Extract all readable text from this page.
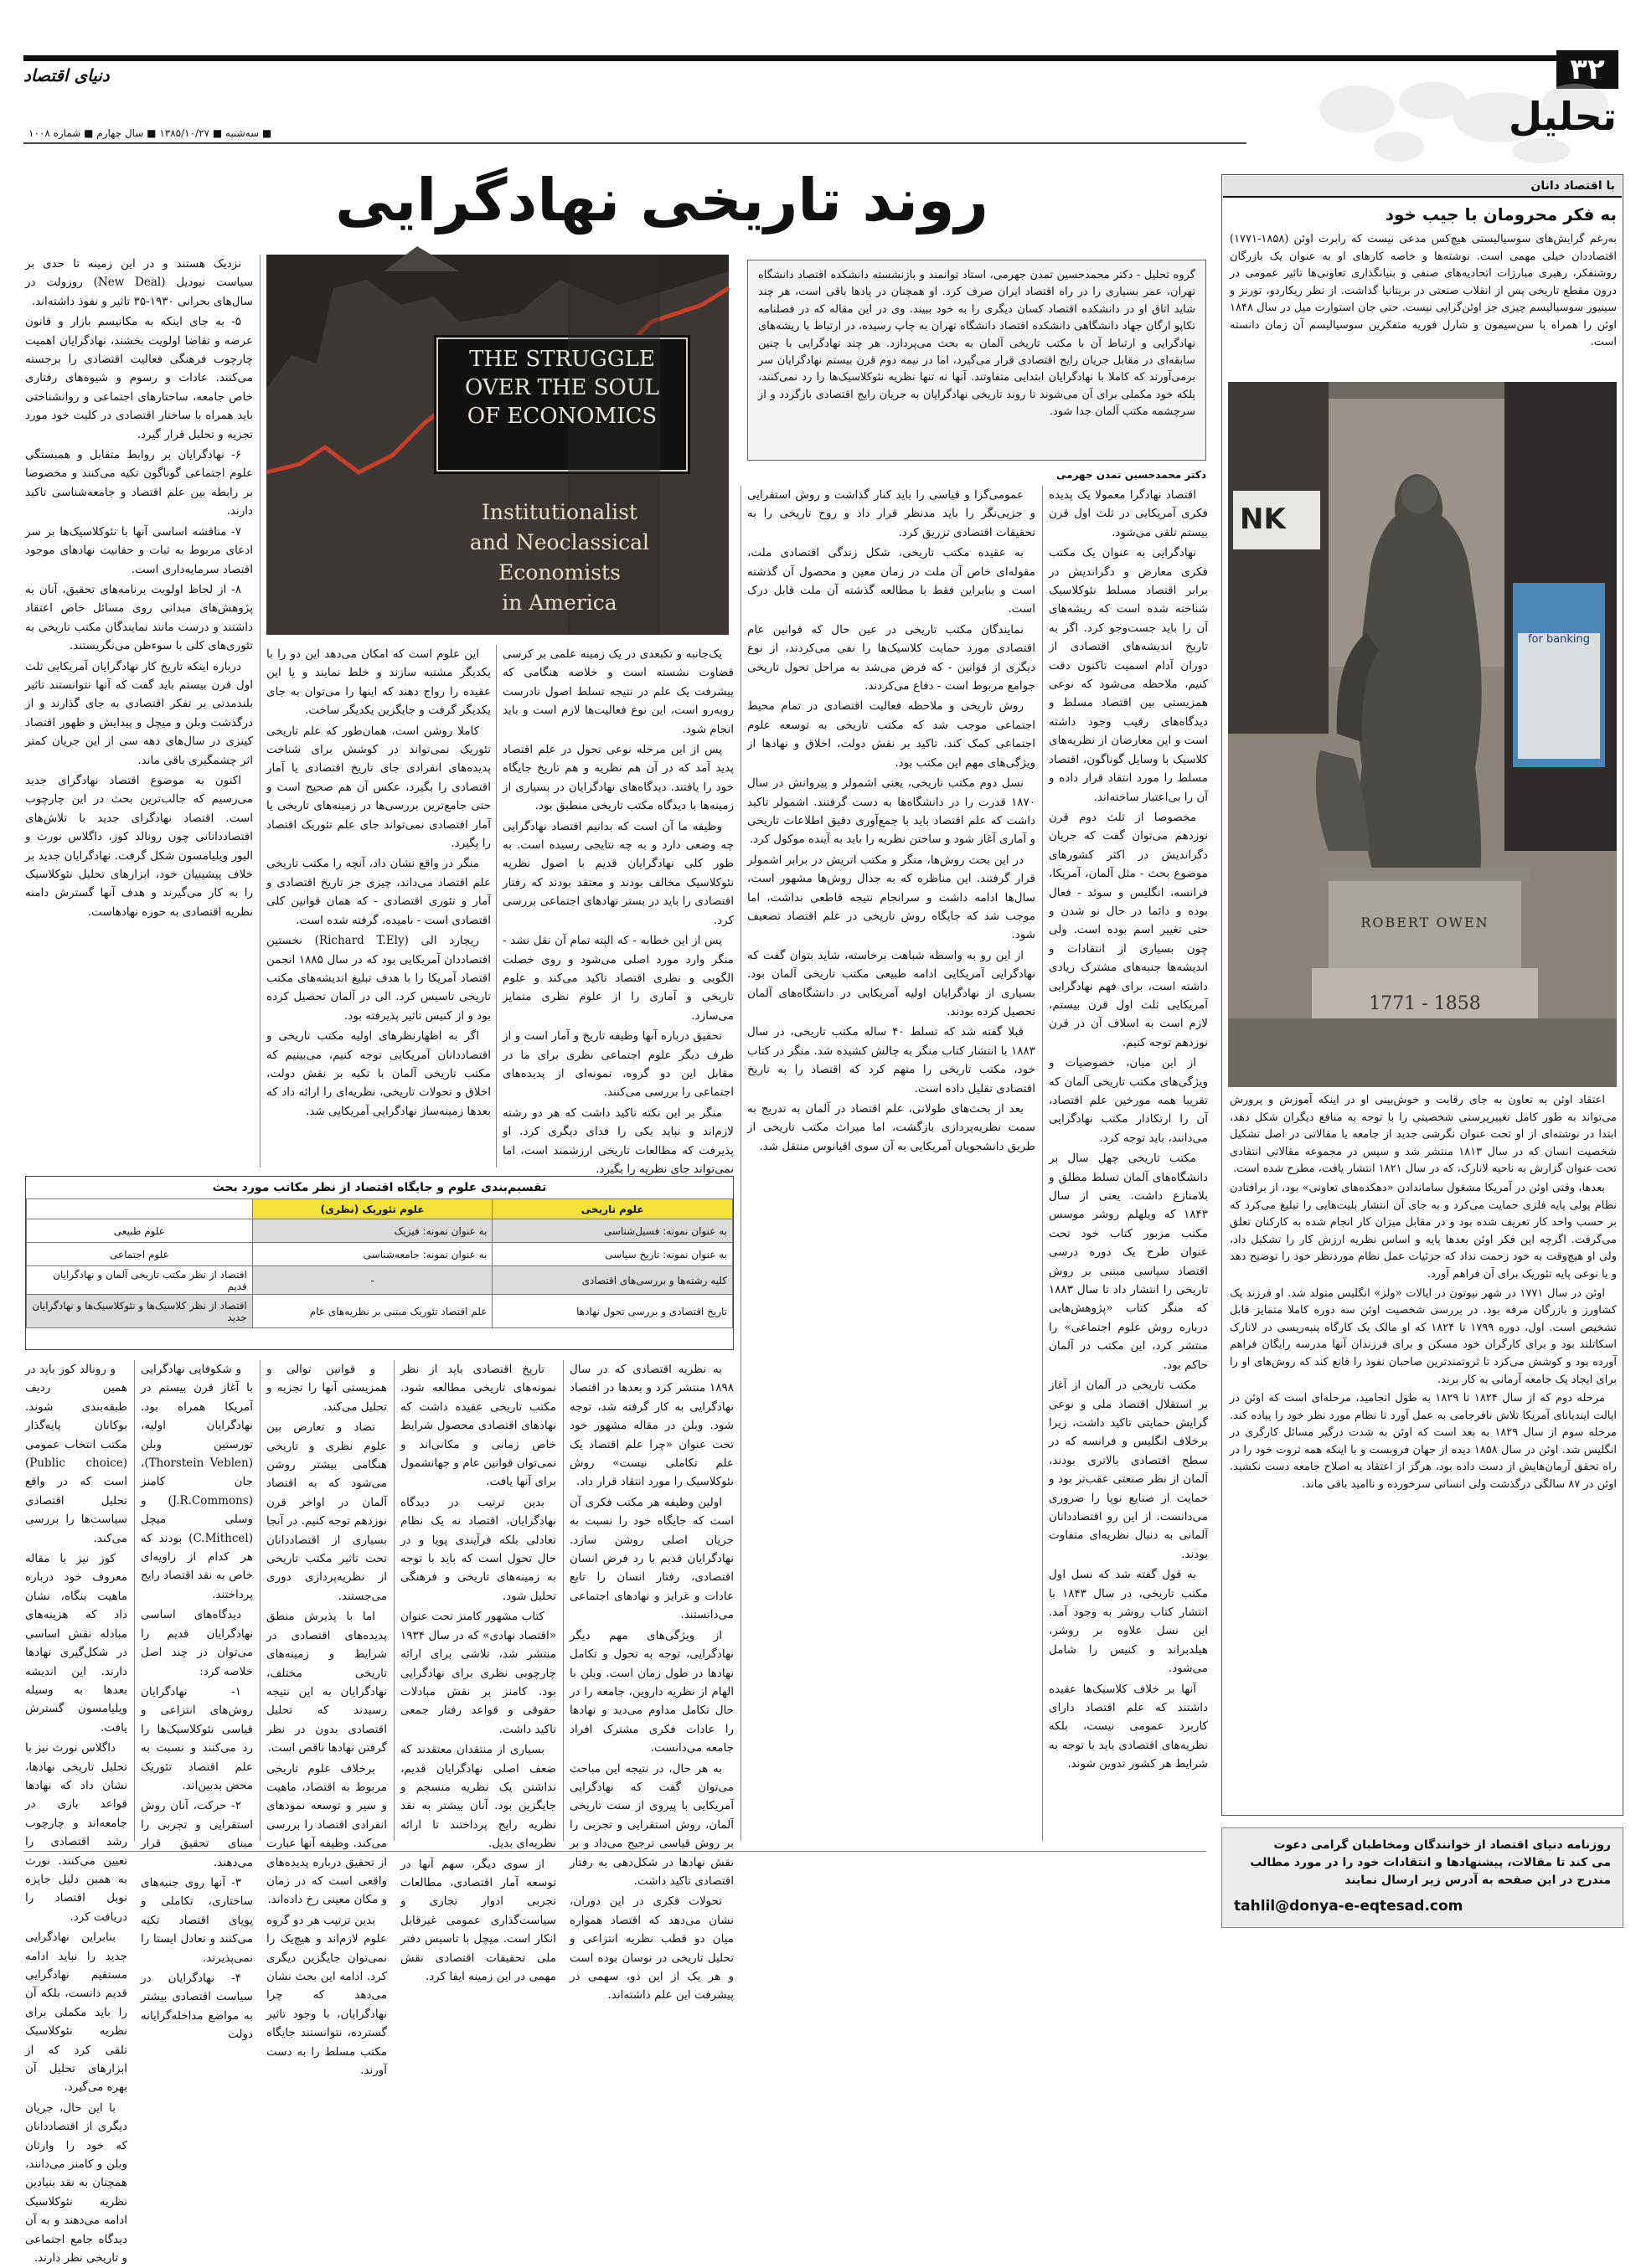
۳۲
دنیای اقتصاد
تحلیل
■ سه‌شنبه ■ ۱۳۸۵/۱۰/۲۷ ■ سال چهارم ■ شماره ۱۰۰۸
با اقتصاد دانان
به فکر محرومان با جیب خود
به‌رغم گرایش‌های سوسیالیستی هیچ‌کس مدعی نیست که رابرت اوئن (۱۸۵۸-۱۷۷۱) اقتصاددان خیلی مهمی است. نوشته‌ها و خاصه کارهای او به عنوان یک بازرگان روشنفکر، رهبری مبارزات اتحادیه‌های صنفی و بنیانگذاری تعاونی‌ها تاثیر عمومی در درون مقطع تاریخی پس از انقلاب صنعتی در بریتانیا گذاشت. از نظر ریکاردو، تورنز و سینیور سوسیالیسم چیزی جز اوئن‌گرایی نیست. حتی جان استوارت میل در سال ۱۸۴۸ اوئن را همراه با سن‌سیمون و شارل فوریه متفکرین سوسیالیسم آن زمان دانسته است.
NK
for banking
ROBERT OWEN
1771 - 1858
اعتقاد اوئن به تعاون به جای رقابت و خوش‌بینی او در اینکه آموزش و پرورش می‌تواند به طور کامل تغییرپرستی شخصیتی را با توجه به منافع دیگران شکل دهد، ابتدا در نوشته‌ای از او تحت عنوان نگرشی جدید از جامعه یا مقالاتی در اصل تشکیل شخصیت انسان که در سال ۱۸۱۳ منتشر شد و سپس در مجموعه مقالاتی انتقادی تحت عنوان گزارش به ناحیه لانارک، که در سال ۱۸۲۱ انتشار یافت، مطرح شده است.
بعدها، وقتی اوئن در آمریکا مشغول ساماندادن «دهکده‌های تعاونی» بود، از برافتادن نظام پولی پایه فلزی حمایت می‌کرد و به جای آن انتشار بلیت‌هایی را تبلیغ می‌کرد که بر حسب واحد کار تعریف شده بود و در مقابل میزان کار انجام شده به کارکنان تعلق می‌گرفت. اگرچه این فکر اوئن بعدها پایه و اساس نظریه ارزش کار را تشکیل داد، ولی او هیچ‌وقت به خود زحمت نداد که جزئیات عمل نظام موردنظر خود را توضیح دهد و یا نوعی پایه تئوریک برای آن فراهم آورد.
اوئن در سال ۱۷۷۱ در شهر نیوتون در ایالات «ولز» انگلیس متولد شد. او فرزند یک کشاورز و بازرگان مرفه بود. در بررسی شخصیت اوئن سه دوره کاملا متمایز قابل تشخیص است. اول، دوره ۱۷۹۹ تا ۱۸۲۴ که او مالک یک کارگاه پنبه‌ریسی در لانارک اسکاتلند بود و برای کارگران خود مسکن و برای فرزندان آنها مدرسه رایگان فراهم آورده بود و کوشش می‌کرد تا ثروتمندترین صاحبان نفوذ را قانع کند که روش‌های او را برای ایجاد یک جامعه آرمانی به کار برند.
مرحله دوم که از سال ۱۸۲۴ تا ۱۸۲۹ به طول انجامید، مرحله‌ای است که اوئن در ایالت ایندیانای آمریکا تلاش نافرجامی به عمل آورد تا نظام مورد نظر خود را پیاده کند. مرحله سوم از سال ۱۸۲۹ به بعد است که اوئن به شدت درگیر مسائل کارگری در انگلیس شد. اوئن در سال ۱۸۵۸ دیده از جهان فروبست و با اینکه همه ثروت خود را در راه تحقق آرمان‌هایش از دست داده بود، هرگز از اعتقاد به اصلاح جامعه دست نکشید. اوئن در ۸۷ سالگی درگذشت ولی انسانی سرخورده و ناامید باقی ماند.
روزنامه دنیای اقتصاد از خوانندگان ومخاطبان گرامی دعوت
می کند تا مقالات، پیشنهادها و انتقادات خود را در مورد مطالب
مندرج در این صفحه به آدرس زیر ارسال نمایند
tahlil@donya-e-eqtesad.com
روند تاریخی نهادگرایی
THE STRUGGLE
OVER THE SOUL
OF ECONOMICS
Institutionalist
and Neoclassical
Economists
in America
گروه تحلیل - دکتر محمدحسین تمدن جهرمی، استاد توانمند و بازنشسته دانشکده اقتصاد دانشگاه تهران، عمر بسیاری را در راه اقتصاد ایران صرف کرد. او همچنان در یادها باقی است، هر چند شاید اتاق او در دانشکده اقتصاد کسان دیگری را به خود ببیند. وی در این مقاله که در فصلنامه تکاپو ارگان جهاد دانشگاهی دانشکده اقتصاد دانشگاه تهران به چاپ رسیده، در ارتباط با ریشه‌های نهادگرایی و ارتباط آن با مکتب تاریخی آلمان به بحث می‌پردازد. هر چند نهادگرایی با چنین سابقه‌ای در مقابل جریان رایج اقتصادی قرار می‌گیرد، اما در نیمه دوم قرن بیستم نهادگرایان سر برمی‌آورند که کاملا با نهادگرایان ابتدایی متفاوتند. آنها نه تنها نظریه نئوکلاسیک‌ها را رد نمی‌کنند، بلکه خود مکملی برای آن می‌شوند تا روند تاریخی نهادگرایان به جریان رایج اقتصادی بازگردد و از سرچشمه مکتب آلمان جدا شود.
دکتر محمدحسین تمدن جهرمی
اقتصاد نهادگرا معمولا یک پدیده فکری آمریکایی در ثلث اول قرن بیستم تلقی می‌شود.
نهادگرایی به عنوان یک مکتب فکری معارض و دگراندیش در برابر اقتصاد مسلط نئوکلاسیک شناخته شده است که ریشه‌های آن را باید جست‌وجو کرد. اگر به تاریخ اندیشه‌های اقتصادی از دوران آدام اسمیت تاکنون دقت کنیم، ملاحظه می‌شود که نوعی همزیستی بین اقتصاد مسلط و دیدگاه‌های رقیب وجود داشته است و این معارضان از نظریه‌های کلاسیک با وسایل گوناگون، اقتصاد مسلط را مورد انتقاد قرار داده و آن را بی‌اعتبار ساخته‌اند.
مخصوصا از ثلث دوم قرن نوزدهم می‌توان گفت که جریان دگراندیش در اکثر کشورهای موضوع بحث - مثل آلمان، آمریکا، فرانسه، انگلیس و سوئد - فعال بوده و دائما در حال نو شدن و حتی تغییر اسم بوده است. ولی چون بسیاری از انتقادات و اندیشه‌ها جنبه‌های مشترک زیادی داشته است، برای فهم نهادگرایی آمریکایی ثلث اول قرن بیستم، لازم است به اسلاف آن در قرن نوزدهم توجه کنیم.
از این میان، خصوصیات و ویژگی‌های مکتب تاریخی آلمان که تقریبا همه مورخین علم اقتصاد، آن را ارتکادار مکتب نهادگرایی می‌دانند، باید توجه کرد.
مکتب تاریخی چهل سال بر دانشگاه‌های آلمان تسلط مطلق و بلامنازع داشت. یعنی از سال ۱۸۴۳ که ویلهلم روشر موسس مکتب مزبور کتاب خود تحت عنوان طرح یک دوره درسی اقتصاد سیاسی مبتنی بر روش تاریخی را انتشار داد تا سال ۱۸۸۳ که منگر کتاب «پژوهش‌هایی درباره روش علوم اجتماعی» را منتشر کرد، این مکتب در آلمان حاکم بود.
مکتب تاریخی در آلمان از آغاز بر استقلال اقتصاد ملی و نوعی گرایش حمایتی تاکید داشت، زیرا برخلاف انگلیس و فرانسه که در سطح اقتصادی بالاتری بودند، آلمان از نظر صنعتی عقب‌تر بود و حمایت از صنایع نوپا را ضروری می‌دانست. از این رو اقتصاددانان آلمانی به دنبال نظریه‌ای متفاوت بودند.
به قول گفته شد که نسل اول مکتب تاریخی، در سال ۱۸۴۳ با انتشار کتاب روشر به وجود آمد. این نسل علاوه بر روشر، هیلدبراند و کنیس را شامل می‌شود.
آنها بر خلاف کلاسیک‌ها عقیده داشتند که علم اقتصاد دارای کاربرد عمومی نیست، بلکه نظریه‌های اقتصادی باید با توجه به شرایط هر کشور تدوین شوند.
عمومی‌گرا و قیاسی را باید کنار گذاشت و روش استقرایی و جزیی‌نگر را باید مدنظر قرار داد و روح تاریخی را به تحقیقات اقتصادی تزریق کرد.
به عقیده مکتب تاریخی، شکل زندگی اقتصادی ملت، مقوله‌ای خاص آن ملت در زمان معین و محصول آن گذشته است و بنابراین فقط با مطالعه گذشته آن ملت قابل درک است.
نمایندگان مکتب تاریخی در عین حال که قوانین عام اقتصادی مورد حمایت کلاسیک‌ها را نفی می‌کردند، از نوع دیگری از قوانین - که فرض می‌شد به مراحل تحول تاریخی جوامع مربوط است - دفاع می‌کردند.
روش تاریخی و ملاحظه فعالیت اقتصادی در تمام محیط اجتماعی موجب شد که مکتب تاریخی به توسعه علوم اجتماعی کمک کند. تاکید بر نقش دولت، اخلاق و نهادها از ویژگی‌های مهم این مکتب بود.
نسل دوم مکتب تاریخی، یعنی اشمولر و پیروانش در سال ۱۸۷۰ قدرت را در دانشگاه‌ها به دست گرفتند. اشمولر تاکید داشت که علم اقتصاد باید با جمع‌آوری دقیق اطلاعات تاریخی و آماری آغاز شود و ساختن نظریه را باید به آینده موکول کرد.
در این بحث روش‌ها، منگر و مکتب اتریش در برابر اشمولر قرار گرفتند. این مناظره که به جدال روش‌ها مشهور است، سال‌ها ادامه داشت و سرانجام نتیجه قاطعی نداشت، اما موجب شد که جایگاه روش تاریخی در علم اقتصاد تضعیف شود.
از این رو به واسطه شباهت برخاسته، شاید بتوان گفت که نهادگرایی آمریکایی ادامه طبیعی مکتب تاریخی آلمان بود. بسیاری از نهادگرایان اولیه آمریکایی در دانشگاه‌های آلمان تحصیل کرده بودند.
قبلا گفته شد که تسلط ۴۰ ساله مکتب تاریخی، در سال ۱۸۸۳ با انتشار کتاب منگر به چالش کشیده شد. منگر در کتاب خود، مکتب تاریخی را متهم کرد که اقتصاد را به تاریخ اقتصادی تقلیل داده است.
بعد از بحث‌های طولانی، علم اقتصاد در آلمان به تدریج به سمت نظریه‌پردازی بازگشت، اما میراث مکتب تاریخی از طریق دانشجویان آمریکایی به آن سوی اقیانوس منتقل شد.
یک‌جانبه و تکبعدی در یک زمینه علمی بر کرسی قضاوت نشسته است و خلاصه هنگامی که پیشرفت یک علم در نتیجه تسلط اصول نادرست روبه‌رو است، این نوع فعالیت‌ها لازم است و باید انجام شود.
پس از این مرحله نوعی تحول در علم اقتصاد پدید آمد که در آن هم نظریه و هم تاریخ جایگاه خود را یافتند. دیدگاه‌های نهادگرایان در بسیاری از زمینه‌ها با دیدگاه مکتب تاریخی منطبق بود.
وظیفه ما آن است که بدانیم اقتصاد نهادگرایی چه وضعی دارد و به چه نتایجی رسیده است. به طور کلی نهادگرایان قدیم با اصول نظریه نئوکلاسیک مخالف بودند و معتقد بودند که رفتار اقتصادی را باید در بستر نهادهای اجتماعی بررسی کرد.
پس از این خطابه - که البته تمام آن نقل نشد - منگر وارد مورد اصلی می‌شود و روی خصلت الگویی و نظری اقتصاد تاکید می‌کند و علوم تاریخی و آماری را از علوم نظری متمایز می‌سازد.
تحقیق درباره آنها وظیفه تاریخ و آمار است و از طرف دیگر علوم اجتماعی نظری برای ما در مقابل این دو گروه، نمونه‌ای از پدیده‌های اجتماعی را بررسی می‌کنند.
منگر بر این نکته تاکید داشت که هر دو رشته لازم‌اند و نباید یکی را فدای دیگری کرد. او پذیرفت که مطالعات تاریخی ارزشمند است، اما نمی‌تواند جای نظریه را بگیرد.
این علوم است که امکان می‌دهد این دو را با یکدیگر مشتبه سازند و خلط نمایند و یا این عقیده را رواج دهند که اینها را می‌توان به جای یکدیگر گرفت و جایگزین یکدیگر ساخت.
کاملا روشن است، همان‌طور که علم تاریخی تئوریک نمی‌تواند در کوشش برای شناخت پدیده‌های انفرادی جای تاریخ اقتصادی یا آمار اقتصادی را بگیرد، عکس آن هم صحیح است و حتی جامع‌ترین بررسی‌ها در زمینه‌های تاریخی یا آمار اقتصادی نمی‌تواند جای علم تئوریک اقتصاد را بگیرد.
منگر در واقع نشان داد، آنچه را مکتب تاریخی علم اقتصاد می‌داند، چیزی جز تاریخ اقتصادی و آمار و تئوری اقتصادی - که همان قوانین کلی اقتصادی است - نامیده، گرفته شده است.
ریچارد الی (Richard T.Ely) نخستین اقتصاددان آمریکایی بود که در سال ۱۸۸۵ انجمن اقتصاد آمریکا را با هدف تبلیغ اندیشه‌های مکتب تاریخی تاسیس کرد. الی در آلمان تحصیل کرده بود و از کنیس تاثیر پذیرفته بود.
اگر به اظهارنظرهای اولیه مکتب تاریخی و اقتصاددانان آمریکایی توجه کنیم، می‌بینیم که مکتب تاریخی آلمان با تکیه بر نقش دولت، اخلاق و تحولات تاریخی، نظریه‌ای را ارائه داد که بعدها زمینه‌ساز نهادگرایی آمریکایی شد.
نزدیک هستند و در این زمینه تا حدی بر سیاست نیودیل (New Deal) روزولت در سال‌های بحرانی ۱۹۳۰-۳۵ تاثیر و نفوذ داشته‌اند.
۵- به جای اینکه به مکانیسم بازار و قانون عرضه و تقاضا اولویت بخشند، نهادگرایان اهمیت چارچوب فرهنگی فعالیت اقتصادی را برجسته می‌کنند. عادات و رسوم و شیوه‌های رفتاری خاص جامعه، ساختارهای اجتماعی و روانشناختی باید همراه با ساختار اقتصادی در کلیت خود مورد تجزیه و تحلیل قرار گیرد.
۶- نهادگرایان بر روابط متقابل و همبستگی علوم اجتماعی گوناگون تکیه می‌کنند و مخصوصا بر رابطه بین علم اقتصاد و جامعه‌شناسی تاکید دارند.
۷- مناقشه اساسی آنها با نئوکلاسیک‌ها بر سر ادعای مربوط به ثبات و حقانیت نهادهای موجود اقتصاد سرمایه‌داری است.
۸- از لحاظ اولویت برنامه‌های تحقیق، آنان به پژوهش‌های میدانی روی مسائل خاص اعتقاد داشتند و درست مانند نمایندگان مکتب تاریخی به تئوری‌های کلی با سوءظن می‌نگریستند.
درباره اینکه تاریخ کار نهادگرایان آمریکایی ثلث اول قرن بیستم باید گفت که آنها نتوانستند تاثیر بلندمدتی بر تفکر اقتصادی به جای گذارند و از درگذشت وبلن و میچل و پیدایش و ظهور اقتصاد کینزی در سال‌های دهه سی از این جریان کمتر اثر چشمگیری باقی ماند.
اکنون به موضوع اقتصاد نهادگرای جدید می‌رسیم که جالب‌ترین بحث در این چارچوب است. اقتصاد نهادگرای جدید با تلاش‌های اقتصاددانانی چون رونالد کوز، داگلاس نورث و الیور ویلیامسون شکل گرفت. نهادگرایان جدید بر خلاف پیشینیان خود، ابزارهای تحلیل نئوکلاسیک را به کار می‌گیرند و هدف آنها گسترش دامنه نظریه اقتصادی به حوزه نهادهاست.
تقسیم‌بندی علوم و جایگاه اقتصاد از نظر مکاتب مورد بحث
علوم تاریخی	علوم تئوریک (نظری)	
به عنوان نمونه: فسیل‌شناسی	به عنوان نمونه: فیزیک	علوم طبیعی
به عنوان نمونه: تاریخ سیاسی	به عنوان نمونه: جامعه‌شناسی	علوم اجتماعی
کلیه رشته‌ها و بررسی‌های اقتصادی	-	اقتصاد از نظر مکتب تاریخی آلمان و نهادگرایان قدیم
تاریخ اقتصادی و بررسی تحول نهادها	علم اقتصاد تئوریک مبتنی بر نظریه‌های عام	اقتصاد از نظر کلاسیک‌ها و نئوکلاسیک‌ها و نهادگرایان جدید
به نظریه اقتصادی که در سال ۱۸۹۸ منتشر کرد و بعدها در اقتصاد نهادگرایی به کار گرفته شد، توجه شود. وبلن در مقاله مشهور خود تحت عنوان «چرا علم اقتصاد یک علم تکاملی نیست» روش نئوکلاسیک را مورد انتقاد قرار داد.
اولین وظیفه هر مکتب فکری آن است که جایگاه خود را نسبت به جریان اصلی روشن سازد. نهادگرایان قدیم با رد فرض انسان اقتصادی، رفتار انسان را تابع عادات و غرایز و نهادهای اجتماعی می‌دانستند.
از ویژگی‌های مهم دیگر نهادگرایی، توجه به تحول و تکامل نهادها در طول زمان است. وبلن با الهام از نظریه داروین، جامعه را در حال تکامل مداوم می‌دید و نهادها را عادات فکری مشترک افراد جامعه می‌دانست.
به هر حال، در نتیجه این مباحث می‌توان گفت که نهادگرایی آمریکایی با پیروی از سنت تاریخی آلمان، روش استقرایی و تجربی را بر روش قیاسی ترجیح می‌داد و بر نقش نهادها در شکل‌دهی به رفتار اقتصادی تاکید داشت.
تحولات فکری در این دوران، نشان می‌دهد که اقتصاد همواره میان دو قطب نظریه انتزاعی و تحلیل تاریخی در نوسان بوده است و هر یک از این دو، سهمی در پیشرفت این علم داشته‌اند.
تاریخ اقتصادی باید از نظر نمونه‌های تاریخی مطالعه شود. مکتب تاریخی عقیده داشت که نهادهای اقتصادی محصول شرایط خاص زمانی و مکانی‌اند و نمی‌توان قوانین عام و جهانشمول برای آنها یافت.
بدین ترتیب در دیدگاه نهادگرایان، اقتصاد نه یک نظام تعادلی بلکه فرآیندی پویا و در حال تحول است که باید با توجه به زمینه‌های تاریخی و فرهنگی تحلیل شود.
کتاب مشهور کامنز تحت عنوان «اقتصاد نهادی» که در سال ۱۹۳۴ منتشر شد، تلاشی برای ارائه چارچوبی نظری برای نهادگرایی بود. کامنز بر نقش مبادلات حقوقی و قواعد رفتار جمعی تاکید داشت.
بسیاری از منتقدان معتقدند که ضعف اصلی نهادگرایان قدیم، نداشتن یک نظریه منسجم و جایگزین بود. آنان بیشتر به نقد نظریه رایج پرداختند تا ارائه نظریه‌ای بدیل.
از سوی دیگر، سهم آنها در توسعه آمار اقتصادی، مطالعات تجربی ادوار تجاری و سیاست‌گذاری عمومی غیرقابل انکار است. میچل با تاسیس دفتر ملی تحقیقات اقتصادی نقش مهمی در این زمینه ایفا کرد.
و قوانین توالی و همزیستی آنها را تجزیه و تحلیل می‌کند.
تضاد و تعارض بین علوم نظری و تاریخی هنگامی بیشتر روشن می‌شود که به اقتصاد آلمان در اواخر قرن نوزدهم توجه کنیم. در آنجا بسیاری از اقتصاددانان تحت تاثیر مکتب تاریخی از نظریه‌پردازی دوری می‌جستند.
اما با پذیرش منطق پدیده‌های اقتصادی در شرایط و زمینه‌های تاریخی مختلف، نهادگرایان به این نتیجه رسیدند که تحلیل اقتصادی بدون در نظر گرفتن نهادها ناقص است.
برخلاف علوم تاریخی مربوط به اقتصاد، ماهیت و سیر و توسعه نمودهای انفرادی اقتصاد را بررسی می‌کند. وظیفه آنها عبارت از تحقیق درباره پدیده‌های واقعی است که در زمان و مکان معینی رخ داده‌اند.
بدین ترتیب هر دو گروه علوم لازم‌اند و هیچ‌یک را نمی‌توان جایگزین دیگری کرد. ادامه این بحث نشان می‌دهد که چرا نهادگرایان، با وجود تاثیر گسترده، نتوانستند جایگاه مکتب مسلط را به دست آورند.
و شکوفایی نهادگرایی با آغاز قرن بیستم در آمریکا همراه بود. نهادگرایان اولیه، تورستین وبلن (Thorstein Veblen)، جان کامنز (J.R.Commons) و وسلی میچل (C.Mithcel) بودند که هر کدام از زاویه‌ای خاص به نقد اقتصاد رایج پرداختند.
دیدگاه‌های اساسی نهادگرایان قدیم را می‌توان در چند اصل خلاصه کرد:
۱- نهادگرایان روش‌های انتزاعی و قیاسی نئوکلاسیک‌ها را رد می‌کنند و نسبت به علم اقتصاد تئوریک محض بدبین‌اند.
۲- حرکت، آنان روش استقرایی و تجربی را مبنای تحقیق قرار می‌دهند.
۳- آنها روی جنبه‌های ساختاری، تکاملی و پویای اقتصاد تکیه می‌کنند و تعادل ایستا را نمی‌پذیرند.
۴- نهادگرایان در سیاست اقتصادی بیشتر به مواضع مداخله‌گرایانه دولت
و رونالد کوز باید در همین ردیف طبقه‌بندی شوند. بوکانان پایه‌گذار مکتب انتخاب عمومی (Public choice) است که در واقع تحلیل اقتصادی سیاست‌ها را بررسی می‌کند.
کوز نیز با مقاله معروف خود درباره ماهیت بنگاه، نشان داد که هزینه‌های مبادله نقش اساسی در شکل‌گیری نهادها دارند. این اندیشه بعدها به وسیله ویلیامسون گسترش یافت.
داگلاس نورث نیز با تحلیل تاریخی نهادها، نشان داد که نهادها قواعد بازی در جامعه‌اند و چارچوب رشد اقتصادی را تعیین می‌کنند. نورث به همین دلیل جایزه نوبل اقتصاد را دریافت کرد.
بنابراین نهادگرایی جدید را نباید ادامه مستقیم نهادگرایی قدیم دانست، بلکه آن را باید مکملی برای نظریه نئوکلاسیک تلقی کرد که از ابزارهای تحلیل آن بهره می‌گیرد.
با این حال، جریان دیگری از اقتصاددانان که خود را وارثان وبلن و کامنز می‌دانند، همچنان به نقد بنیادین نظریه نئوکلاسیک ادامه می‌دهند و به آن دیدگاه جامع اجتماعی و تاریخی نظر دارند.
